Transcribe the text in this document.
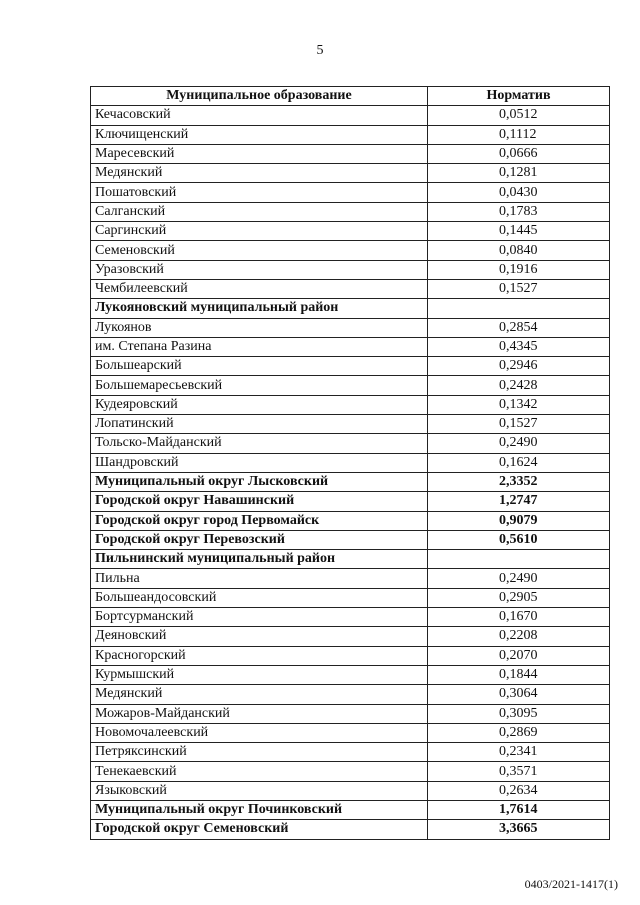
5
Муниципальное образование	Норматив
Кечасовский	0,0512
Ключищенский	0,1112
Маресевский	0,0666
Медянский	0,1281
Пошатовский	0,0430
Салганский	0,1783
Саргинский	0,1445
Семеновский	0,0840
Уразовский	0,1916
Чембилеевский	0,1527
Лукояновский муниципальный район	
Лукоянов	0,2854
им. Степана Разина	0,4345
Большеарский	0,2946
Большемаресьевский	0,2428
Кудеяровский	0,1342
Лопатинский	0,1527
Тольско-Майданский	0,2490
Шандровский	0,1624
Муниципальный округ Лысковский	2,3352
Городской округ Навашинский	1,2747
Городской округ город Первомайск	0,9079
Городской округ Перевозский	0,5610
Пильнинский муниципальный район	
Пильна	0,2490
Большеандосовский	0,2905
Бортсурманский	0,1670
Деяновский	0,2208
Красногорский	0,2070
Курмышский	0,1844
Медянский	0,3064
Можаров-Майданский	0,3095
Новомочалеевский	0,2869
Петряксинский	0,2341
Тенекаевский	0,3571
Языковский	0,2634
Муниципальный округ Починковский	1,7614
Городской округ Семеновский	3,3665
0403/2021-1417(1)
